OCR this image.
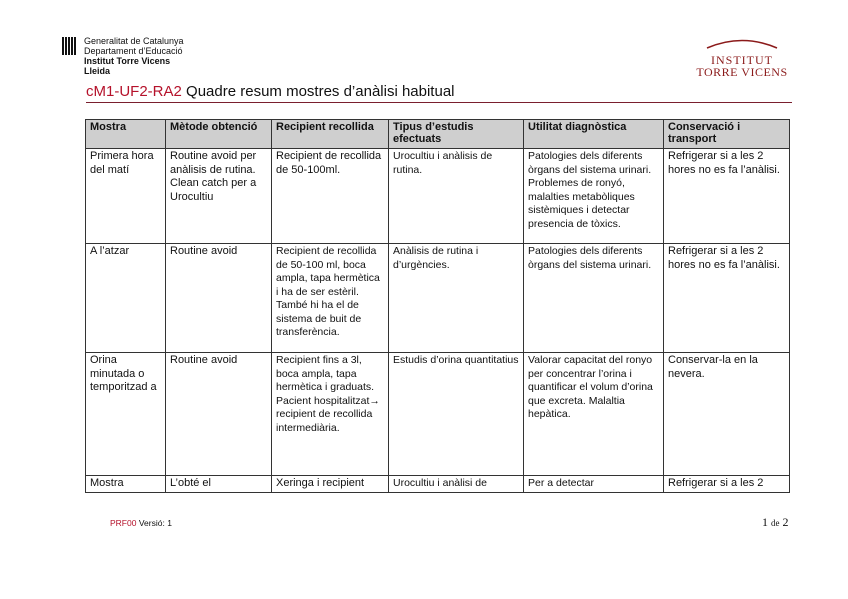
Generalitat de Catalunya
Departament d’Educació
Institut Torre Vicens
Lleida
INSTITUT
TORRE VICENS
cM1-UF2-RA2 Quadre resum mostres d’anàlisi habitual
Mostra	Mètode obtenció	Recipient recollida	Tipus d’estudis efectuats	Utilitat diagnòstica	Conservació i transport
Primera hora del matí	Routine avoid per anàlisis de rutina. Clean catch per a Urocultiu	Recipient de recollida de 50-100ml.	Urocultiu i anàlisis de rutina.	Patologies dels diferents òrgans del sistema urinari. Problemes de ronyó, malalties metabòliques sistèmiques i detectar presencia de tòxics.	Refrigerar si a les 2 hores no es fa l’anàlisi.
A l’atzar	Routine avoid	Recipient de recollida de 50-100 ml, boca ampla, tapa hermètica i ha de ser estèril. També hi ha el de sistema de buit de transferència.	Anàlisis de rutina i d’urgències.	Patologies dels diferents òrgans del sistema urinari.	Refrigerar si a les 2 hores no es fa l’anàlisi.
Orina minutada o temporitzad a	Routine avoid	Recipient fins a 3l, boca ampla, tapa hermètica i graduats. Pacient hospitalitzat→ recipient de recollida intermediària.	Estudis d’orina quantitatius	Valorar capacitat del ronyo per concentrar l’orina i quantificar el volum d’orina que excreta. Malaltia hepàtica.	Conservar-la en la nevera.
Mostra	L’obté el	Xeringa i recipient	Urocultiu i anàlisi de	Per a detectar	Refrigerar si a les 2
PRF00 Versió: 1	1 de 2
